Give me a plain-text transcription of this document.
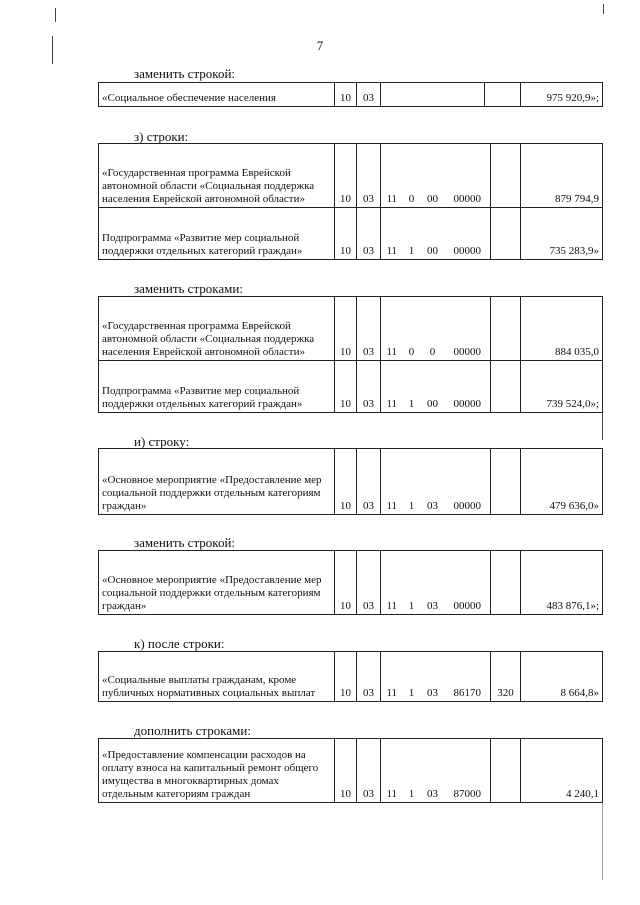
7
заменить строкой:
«Социальное обеспечение населения	10	03			975 920,9»;
з) строки:
«Государственная программа Еврейской автономной области «Социальная поддержка населения Еврейской автономной области»	10	03	11	0	00	00000		879 794,9
Подпрограмма «Развитие мер социальной поддержки отдельных категорий граждан»	10	03	11	1	00	00000		735 283,9»
заменить строками:
«Государственная программа Еврейской автономной области «Социальная поддержка населения Еврейской автономной области»	10	03	11	0	0	00000		884 035,0
Подпрограмма «Развитие мер социальной поддержки отдельных категорий граждан»	10	03	11	1	00	00000		739 524,0»;
и) строку:
«Основное мероприятие «Предоставление мер социальной поддержки отдельным категориям граждан»	10	03	11	1	03	00000		479 636,0»
заменить строкой:
«Основное мероприятие «Предоставление мер социальной поддержки отдельным категориям граждан»	10	03	11	1	03	00000		483 876,1»;
к) после строки:
«Социальные выплаты гражданам, кроме публичных нормативных социальных выплат	10	03	11	1	03	86170	320	8 664,8»
дополнить строками:
«Предоставление компенсации расходов на оплату взноса на капитальный ремонт общего имущества в многоквартирных домах отдельным категориям граждан	10	03	11	1	03	87000		4 240,1
